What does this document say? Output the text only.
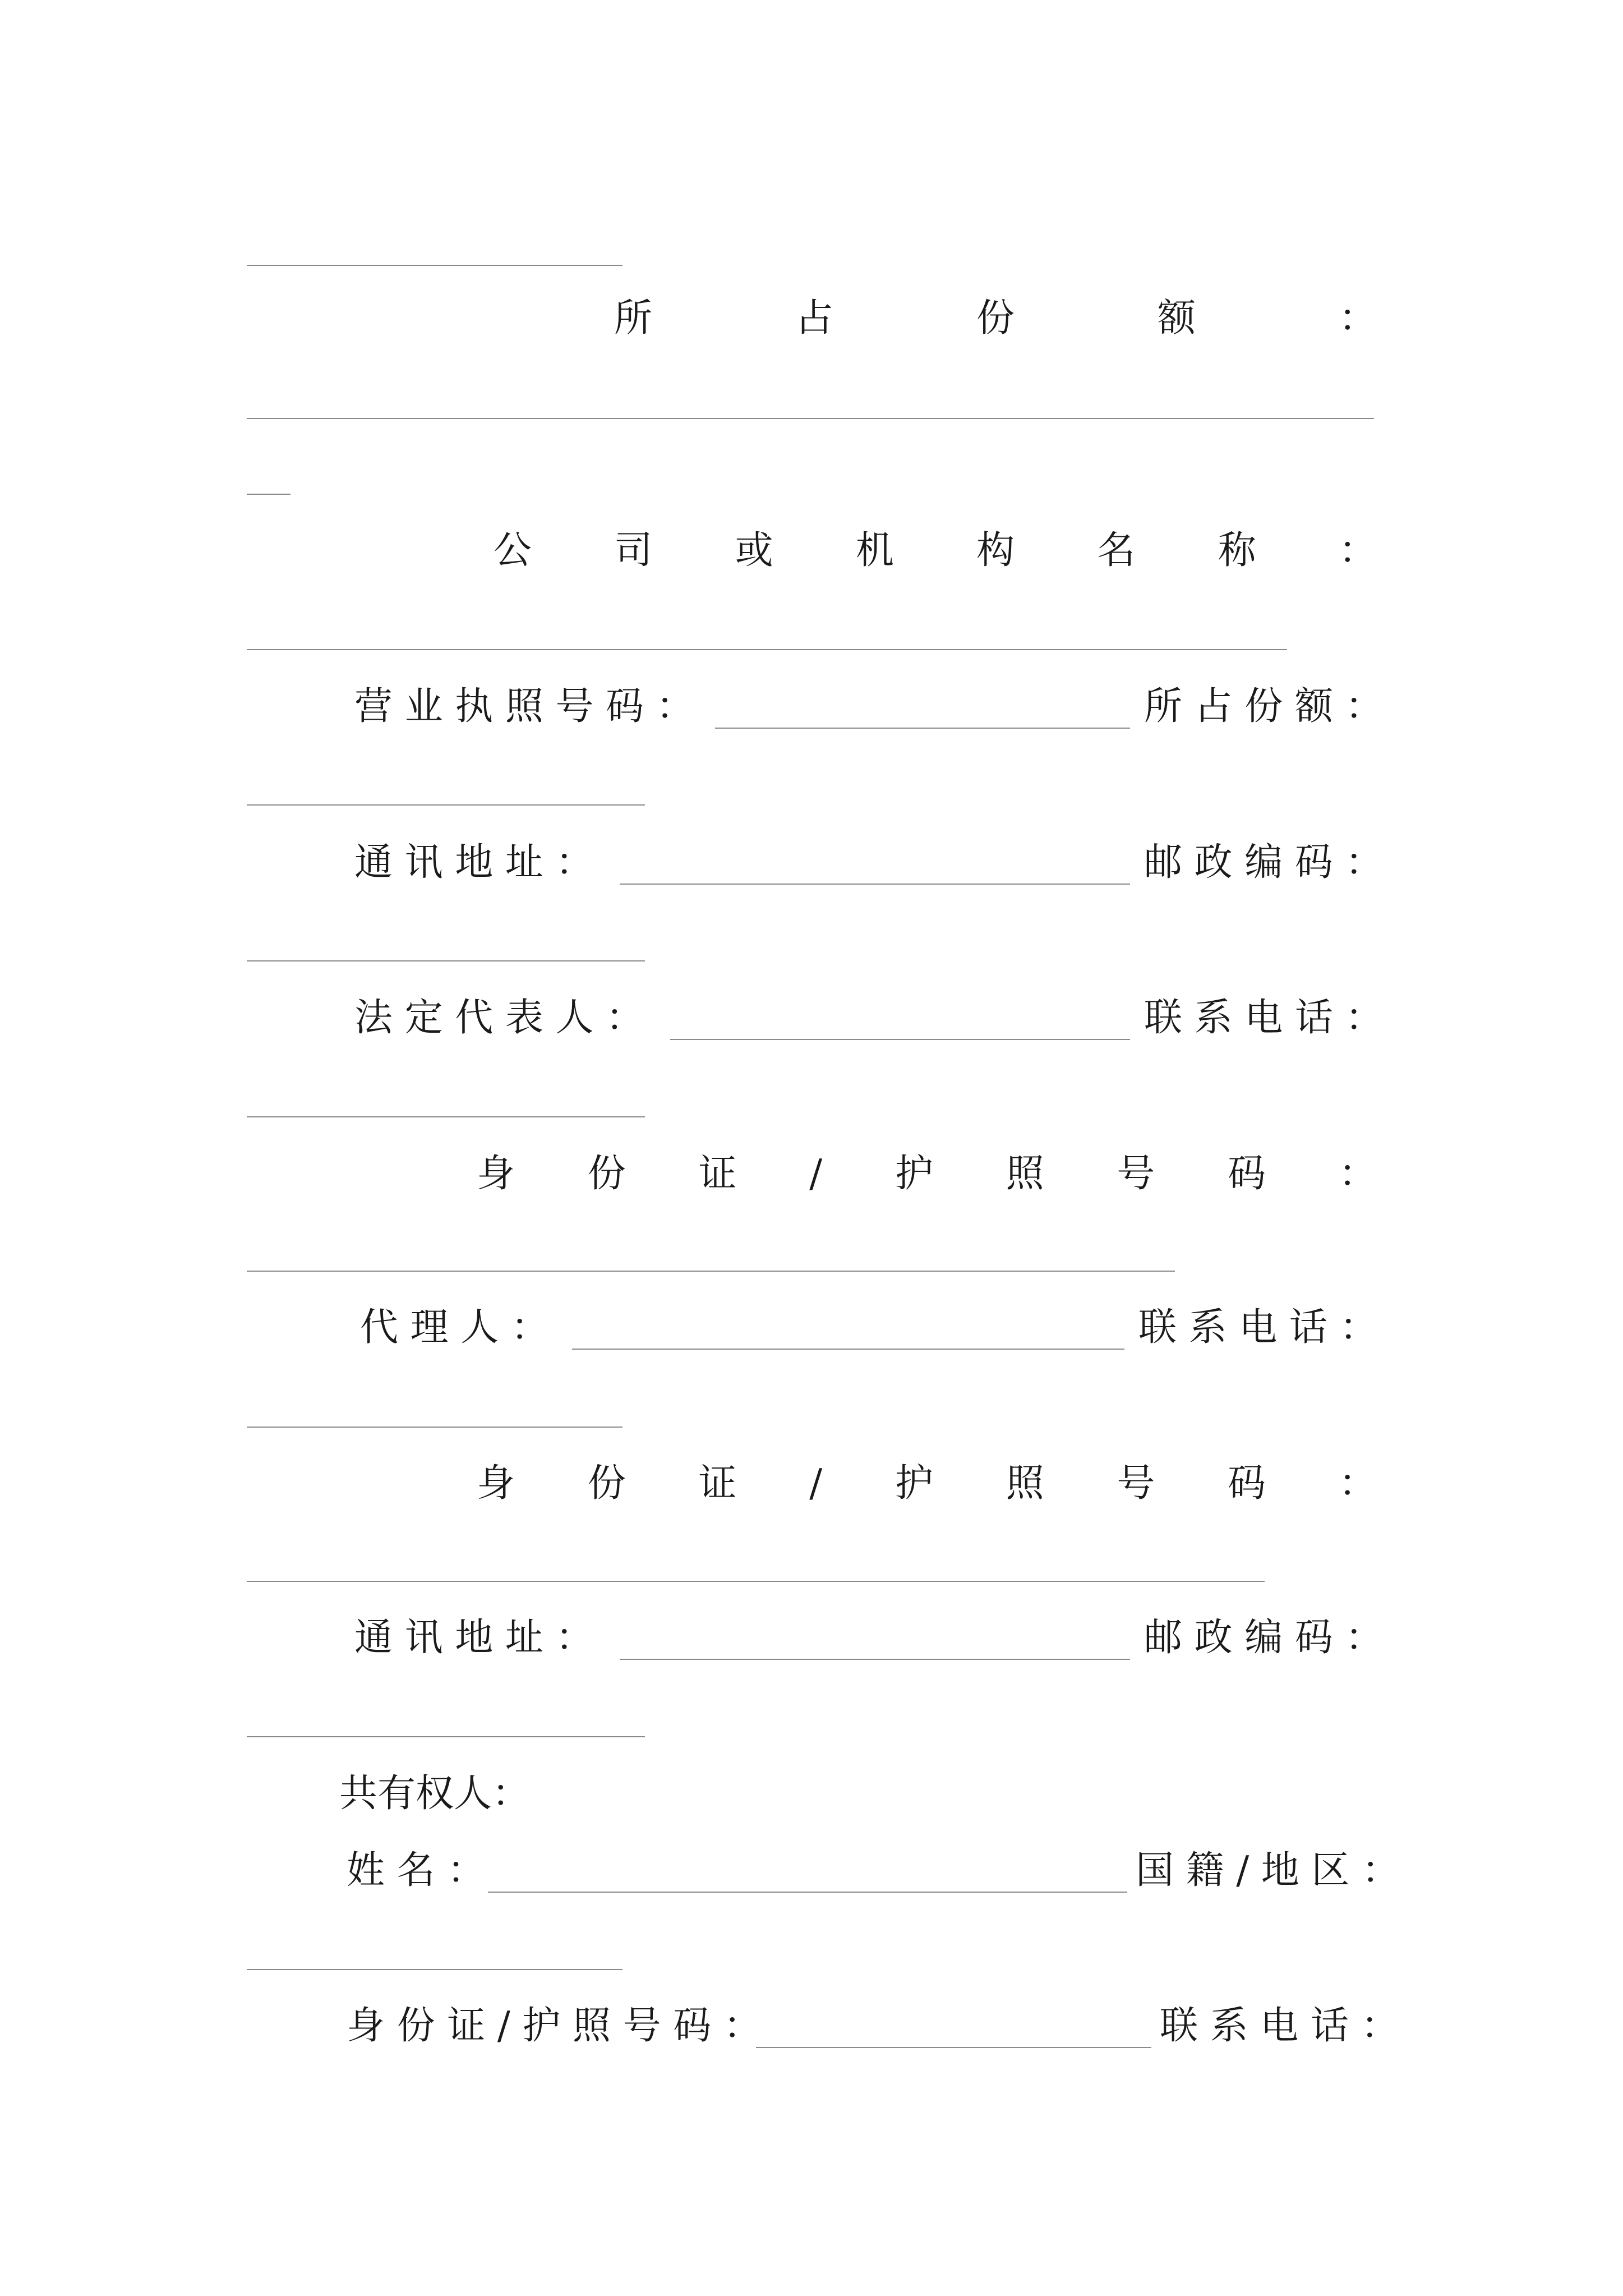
所	占	份	额	：
公 司 或 机 构 名 称 ：
营 业 执 照 号 码 ：	所 占 份 额 ：
通 讯 地 址 ：	邮 政 编 码 ：
法 定 代 表 人 ：	联 系 电 话 ：
身 份 证 / 护 照 号 码 ：
代 理 人 ：	联 系 电 话 ：
身 份 证 / 护 照 号 码 ：
通 讯 地 址 ：	邮 政 编 码 ：
共有权人：
姓 名 ：	国 籍 / 地 区 ：
身 份 证 / 护 照 号 码 ：	联 系 电 话 ：
